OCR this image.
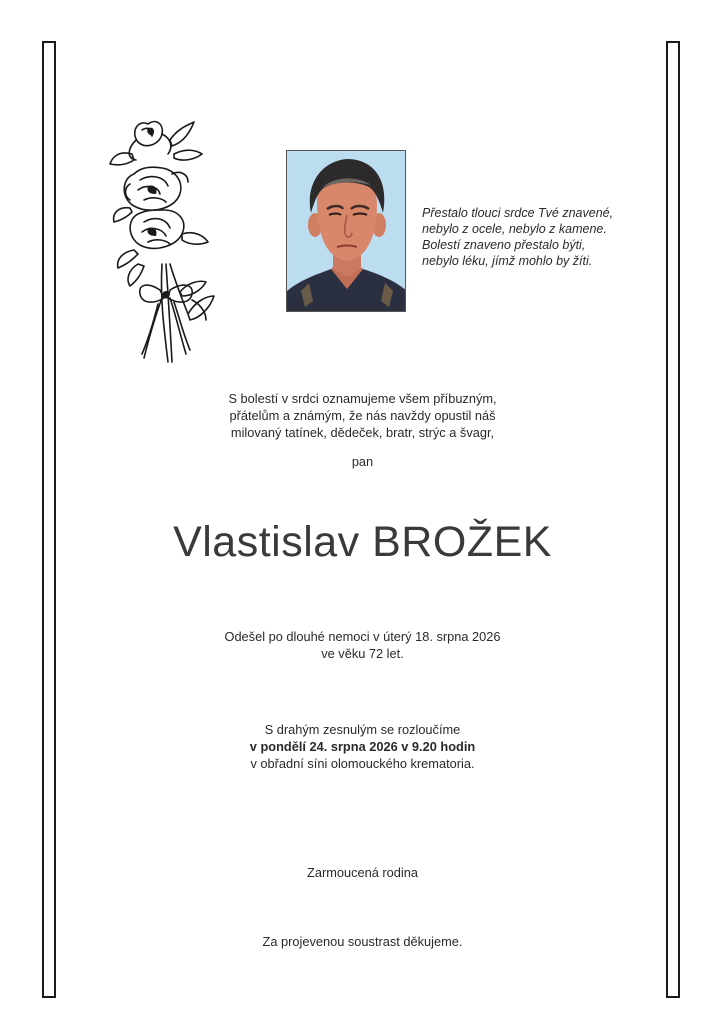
Přestalo tlouci srdce Tvé znavené,
nebylo z ocele, nebylo z kamene.
Bolestí znaveno přestalo býti,
nebylo léku, jímž mohlo by žíti.
S bolestí v srdci oznamujeme všem příbuzným,
přátelům a známým, že nás navždy opustil náš
milovaný tatínek, dědeček, bratr, strýc a švagr,
pan
Vlastislav BROŽEK
Odešel po dlouhé nemoci v úterý 18. srpna 2026
ve věku 72 let.
S drahým zesnulým se rozloučíme
v pondělí 24. srpna 2026 v 9.20 hodin
v obřadní síni olomouckého krematoria.
Zarmoucená rodina
Za projevenou soustrast děkujeme.
